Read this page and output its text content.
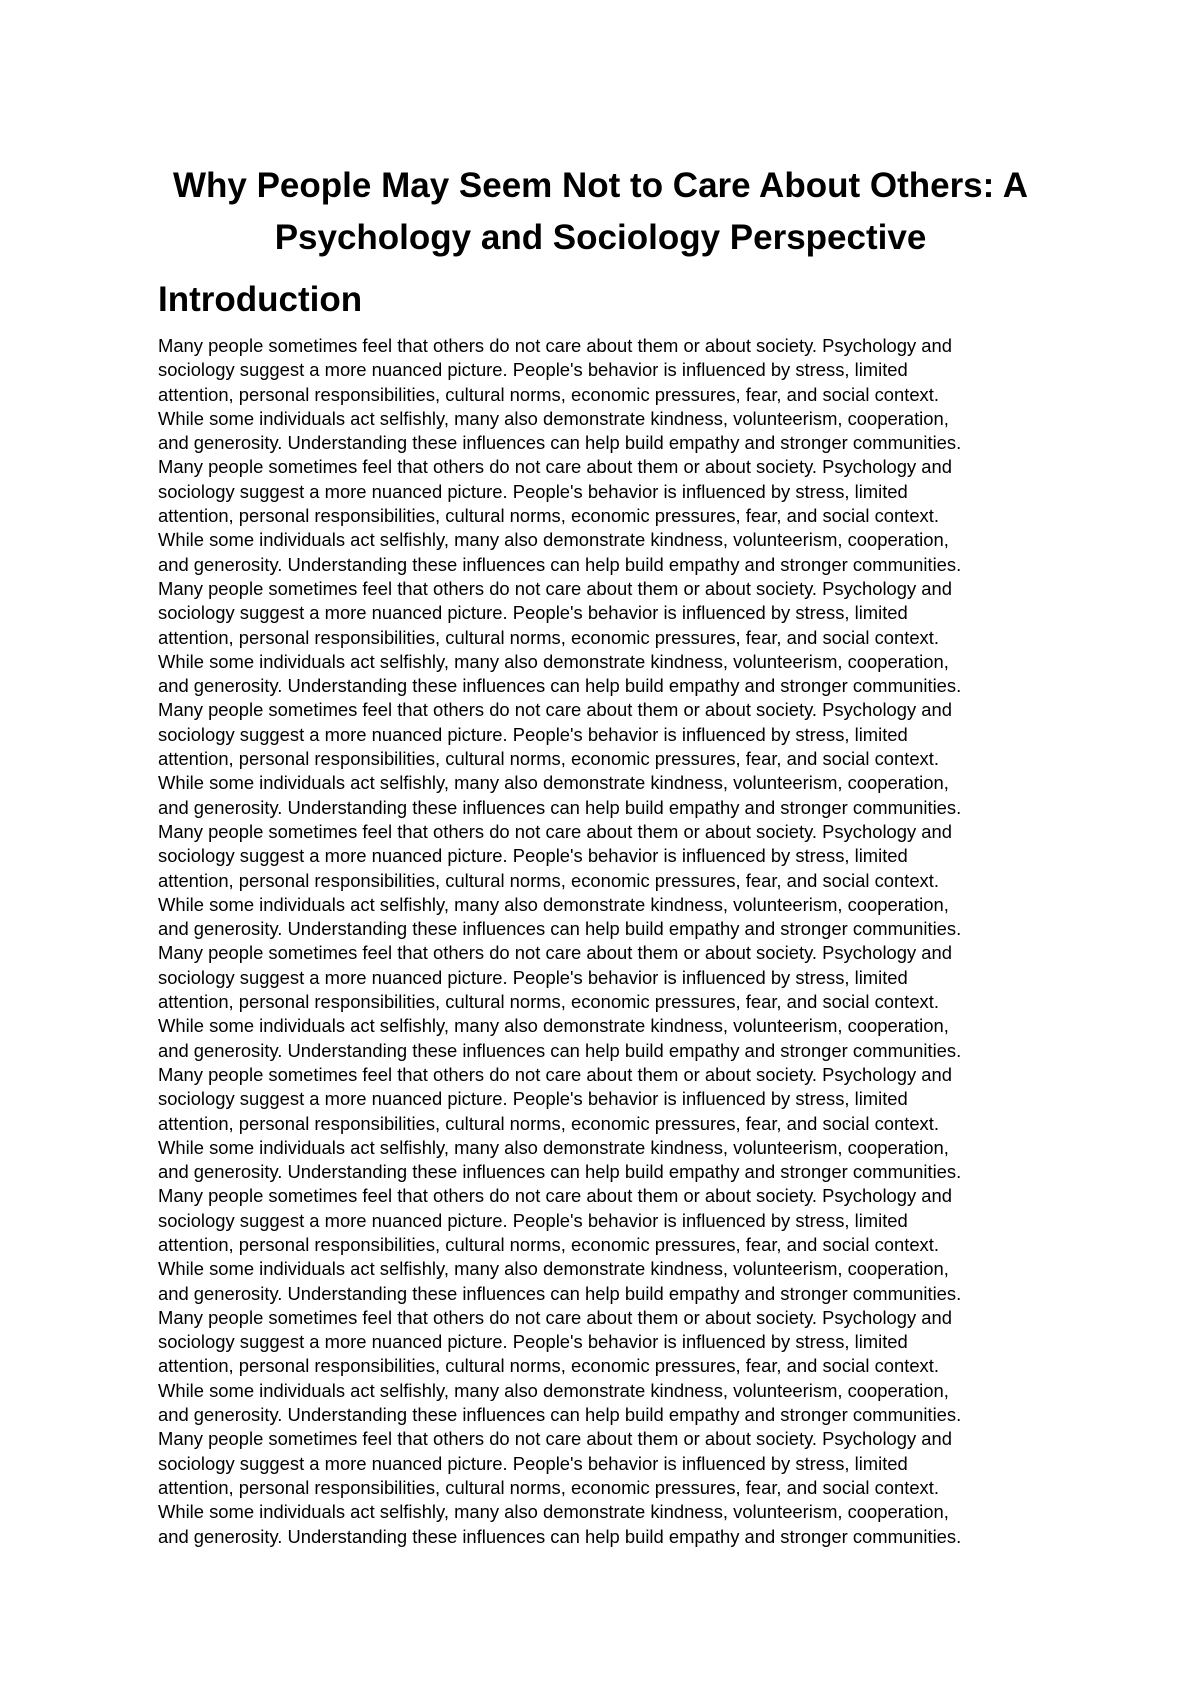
Why People May Seem Not to Care About Others: A Psychology and Sociology Perspective
Introduction

Many people sometimes feel that others do not care about them or about society. Psychology and
sociology suggest a more nuanced picture. People's behavior is influenced by stress, limited
attention, personal responsibilities, cultural norms, economic pressures, fear, and social context.
While some individuals act selfishly, many also demonstrate kindness, volunteerism, cooperation,
and generosity. Understanding these influences can help build empathy and stronger communities.
Many people sometimes feel that others do not care about them or about society. Psychology and
sociology suggest a more nuanced picture. People's behavior is influenced by stress, limited
attention, personal responsibilities, cultural norms, economic pressures, fear, and social context.
While some individuals act selfishly, many also demonstrate kindness, volunteerism, cooperation,
and generosity. Understanding these influences can help build empathy and stronger communities.
Many people sometimes feel that others do not care about them or about society. Psychology and
sociology suggest a more nuanced picture. People's behavior is influenced by stress, limited
attention, personal responsibilities, cultural norms, economic pressures, fear, and social context.
While some individuals act selfishly, many also demonstrate kindness, volunteerism, cooperation,
and generosity. Understanding these influences can help build empathy and stronger communities.
Many people sometimes feel that others do not care about them or about society. Psychology and
sociology suggest a more nuanced picture. People's behavior is influenced by stress, limited
attention, personal responsibilities, cultural norms, economic pressures, fear, and social context.
While some individuals act selfishly, many also demonstrate kindness, volunteerism, cooperation,
and generosity. Understanding these influences can help build empathy and stronger communities.
Many people sometimes feel that others do not care about them or about society. Psychology and
sociology suggest a more nuanced picture. People's behavior is influenced by stress, limited
attention, personal responsibilities, cultural norms, economic pressures, fear, and social context.
While some individuals act selfishly, many also demonstrate kindness, volunteerism, cooperation,
and generosity. Understanding these influences can help build empathy and stronger communities.
Many people sometimes feel that others do not care about them or about society. Psychology and
sociology suggest a more nuanced picture. People's behavior is influenced by stress, limited
attention, personal responsibilities, cultural norms, economic pressures, fear, and social context.
While some individuals act selfishly, many also demonstrate kindness, volunteerism, cooperation,
and generosity. Understanding these influences can help build empathy and stronger communities.
Many people sometimes feel that others do not care about them or about society. Psychology and
sociology suggest a more nuanced picture. People's behavior is influenced by stress, limited
attention, personal responsibilities, cultural norms, economic pressures, fear, and social context.
While some individuals act selfishly, many also demonstrate kindness, volunteerism, cooperation,
and generosity. Understanding these influences can help build empathy and stronger communities.
Many people sometimes feel that others do not care about them or about society. Psychology and
sociology suggest a more nuanced picture. People's behavior is influenced by stress, limited
attention, personal responsibilities, cultural norms, economic pressures, fear, and social context.
While some individuals act selfishly, many also demonstrate kindness, volunteerism, cooperation,
and generosity. Understanding these influences can help build empathy and stronger communities.
Many people sometimes feel that others do not care about them or about society. Psychology and
sociology suggest a more nuanced picture. People's behavior is influenced by stress, limited
attention, personal responsibilities, cultural norms, economic pressures, fear, and social context.
While some individuals act selfishly, many also demonstrate kindness, volunteerism, cooperation,
and generosity. Understanding these influences can help build empathy and stronger communities.
Many people sometimes feel that others do not care about them or about society. Psychology and
sociology suggest a more nuanced picture. People's behavior is influenced by stress, limited
attention, personal responsibilities, cultural norms, economic pressures, fear, and social context.
While some individuals act selfishly, many also demonstrate kindness, volunteerism, cooperation,
and generosity. Understanding these influences can help build empathy and stronger communities.
